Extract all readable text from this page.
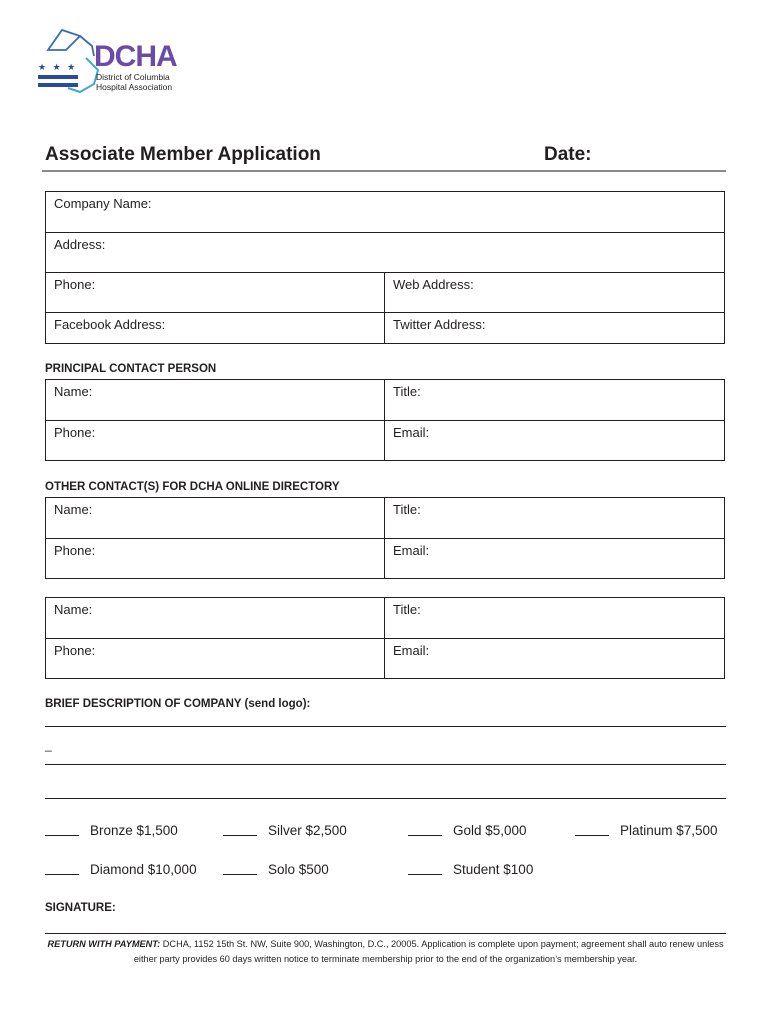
★ ★ ★ DCHA
District of Columbia
Hospital Association
Associate Member Application	Date:
Company Name:
Address:
Phone:	Web Address:
Facebook Address:	Twitter Address:
PRINCIPAL CONTACT PERSON
Name:	Title:
Phone:	Email:
OTHER CONTACT(S) FOR DCHA ONLINE DIRECTORY
Name:	Title:
Phone:	Email:
Name:	Title:
Phone:	Email:
BRIEF DESCRIPTION OF COMPANY (send logo):
_
Bronze $1,500	Silver $2,500	Gold $5,000	Platinum $7,500
Diamond $10,000	Solo $500	Student $100
SIGNATURE:
RETURN WITH PAYMENT: DCHA, 1152 15th St. NW, Suite 900, Washington, D.C., 20005. Application is complete upon payment; agreement shall auto renew unless either party provides 60 days written notice to terminate membership prior to the end of the organization’s membership year.
